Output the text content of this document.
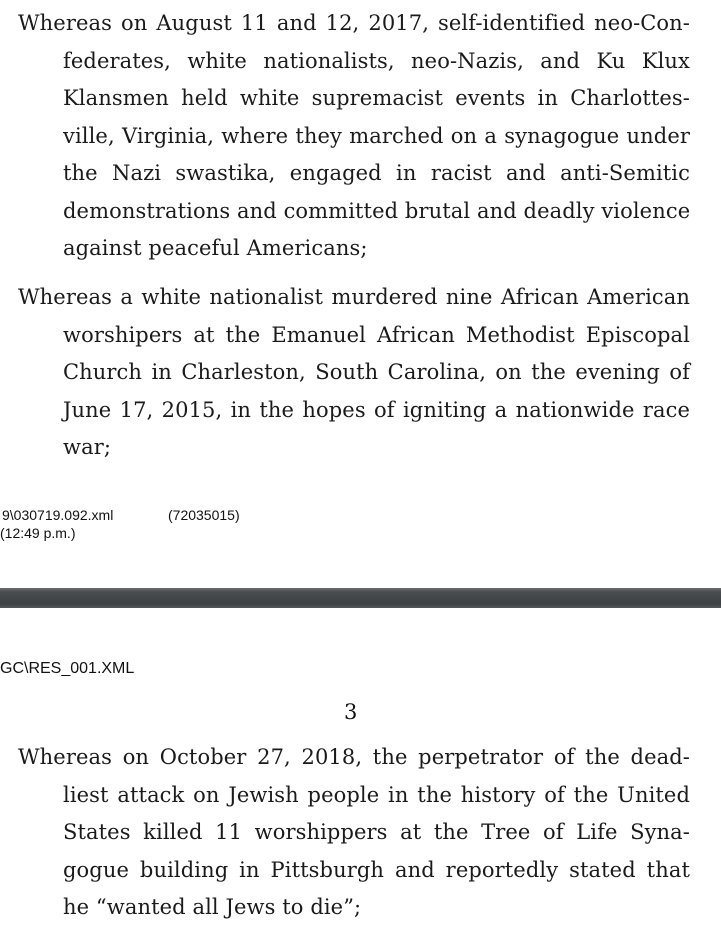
Whereas on August 11 and 12, 2017, self-identified neo-Con-
federates, white nationalists, neo-Nazis, and Ku Klux
Klansmen held white supremacist events in Charlottes-
ville, Virginia, where they marched on a synagogue under
the Nazi swastika, engaged in racist and anti-Semitic
demonstrations and committed brutal and deadly violence
against peaceful Americans;
Whereas a white nationalist murdered nine African American
worshipers at the Emanuel African Methodist Episcopal
Church in Charleston, South Carolina, on the evening of
June 17, 2015, in the hopes of igniting a nationwide race
war;
9\030719.092.xml	(72035015)
(12:49 p.m.)
GC\RES_001.XML
3
Whereas on October 27, 2018, the perpetrator of the dead-
liest attack on Jewish people in the history of the United
States killed 11 worshippers at the Tree of Life Syna-
gogue building in Pittsburgh and reportedly stated that
he “wanted all Jews to die”;
